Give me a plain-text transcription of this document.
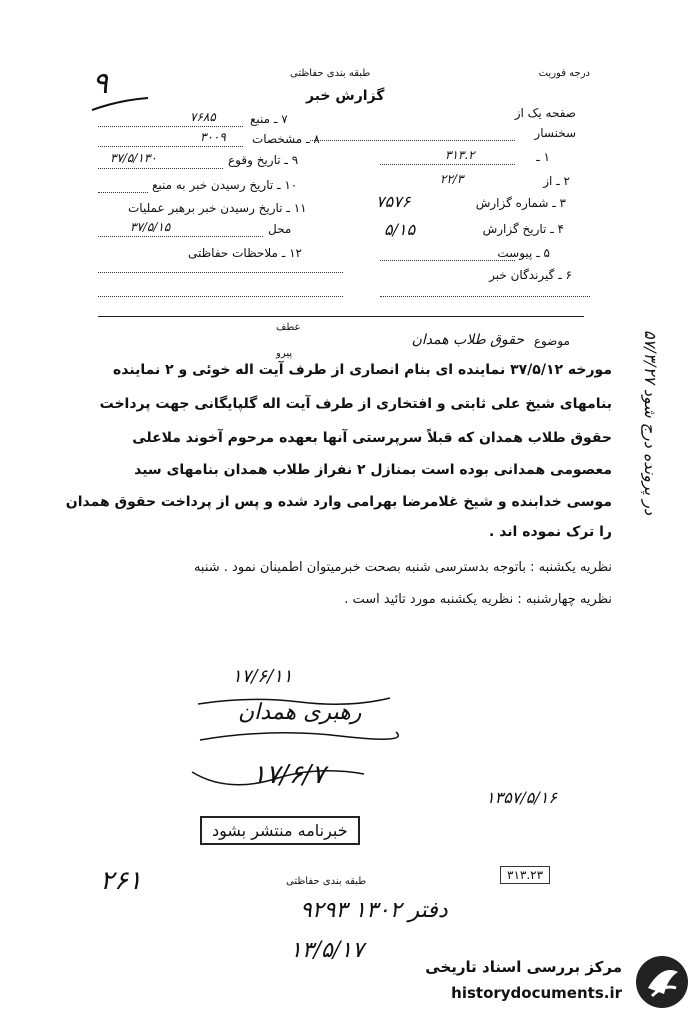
درجه فوریت
طبقه بندی حفاظتی
گزارش خبر
۹
۷ ـ منبع
۷۶۸۵
۸ ـ مشخصات
۳۰۰۹
۹ ـ تاریخ وقوع
۳۷/۵/۱۳۰
۱۰ ـ تاریخ رسیدن خبر به منبع
۱۱ ـ تاریخ رسیدن خبر برهبر عملیات
محل
۳۷/۵/۱۵
۱۲ ـ ملاحظات حفاظتی
صفحه یک از
سخنسار
۱ ـ
۳۱۳.۲
۲ ـ از
۲۲/۳
۳ ـ شماره گزارش
۷۵۷۶
۴ ـ تاریخ گزارش
۵/۱۵
۵ ـ پیوست
۶ ـ گیرندگان خبر
عطف
پیرو
موضوع
حقوق طلاب همدان
مورخه ۳۷/۵/۱۲ نماینده ای بنام انصاری از طرف آیت اله خوئی و ۲ نماینده
بنامهای شیخ علی ثابتی و افتخاری از طرف آیت اله گلپایگانی جهت پرداخت
حقوق طلاب همدان که قبلاً سرپرستی آنها بعهده مرحوم آخوند ملاعلی
معصومی همدانی بوده است بمنازل ۲ نفراز طلاب همدان بنامهای سید
موسی خدابنده و شیخ غلامرضا بهرامی وارد شده و پس از پرداخت حقوق همدان
را ترک نموده اند .
نظریه یکشنبه : باتوجه بدسترسی شنبه بصحت خبرمیتوان اطمینان نمود . شنبه
نظریه چهارشنبه : نظریه یکشنبه مورد تائید است .
در پرونده درج شود ۵۷/۳/۲۷
۱۷/۶/۱۱
رهبری همدان
۱۷/۶/۷
۱۳۵۷/۵/۱۶
خبرنامه منتشر بشود
۲۶۱	طبقه بندی حفاظتی	۳۱۳.۲۳
دفتر ۱۳۰۲ ۹۲۹۳
۱۳/۵/۱۷
مرکز بررسی اسناد تاریخی
historydocuments.ir
